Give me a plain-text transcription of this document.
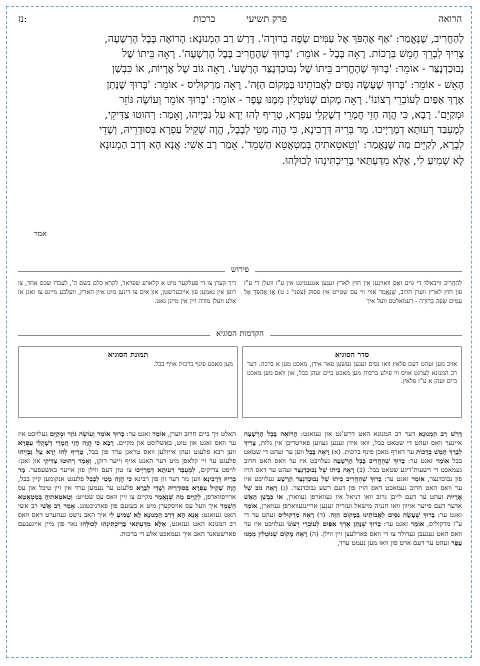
הרואה
פרק תשיעי ברכות
נז:

לְהַחֲרִיב, שֶׁנֶּאֱמַר: 'אַף אֶהְפֹּךְ אֶל עַמִּים שָׂפָה בְרוּרָה'. דָּרַשׁ רַב הַמְנוּנָא: הָרוֹאֶה בָּבֶל הָרְשָׁעָה,

צָרִיךְ לְבָרֵךְ חָמֵשׁ בְּרָכוֹת. רָאָה בָּבֶל - אוֹמֵר: 'בָּרוּךְ שֶׁהֶחֱרִיב בָּבֶל הָרְשָׁעָה'. רָאָה בֵּיתוֹ שֶׁל

נְבוּכַדְנֶצַּר - אוֹמֵר: 'בָּרוּךְ שֶׁהֶחֱרִיב בֵּיתוֹ שֶׁל נְבוּכַדְנֶצַּר הָרָשָׁע'. רָאָה גּוֹב שֶׁל אֲרָיוֹת, אוֹ כִּבְשַׁן

הָאֵשׁ - אוֹמֵר: 'בָּרוּךְ שֶׁעָשָׂה נִסִּים לַאֲבוֹתֵינוּ בַּמָּקוֹם הַזֶּה'. רָאָה מַרְקוּלִיס - אוֹמֵר: 'בָּרוּךְ שֶׁנָּתַן

אֶרֶךְ אַפַּיִם לְעוֹבְרֵי רְצוֹנוֹ'. רָאָה מָקוֹם שֶׁנּוֹטְלִין מִמֶּנּוּ עָפָר - אוֹמֵר: 'בָּרוּךְ אוֹמֵר וְעוֹשֶׂה גּוֹזֵר

וּמְקַיֵּם'. רָבָא, כִּי הֲוָה חָזֵי חֲמָרֵי דְשָׁקְלֵי עַפְרָא, טָרֵיף לְהוּ יְדָא עַל גַּבַּיְיהוּ, וְאָמַר: רְהוּטוּ צַדִּיקֵי,

לְמֶעְבַּד רְעוּתָא דְמָרַיְיכוּ. מָר בְּרֵיהּ דְּרָבִינָא, כִּי הֲוָה מָטֵי לְבָבֶל, הֲוָה שָׁקֵיל עַפְרָא בְּסוּדָרֵיהּ, וְשָׁדֵי

לְבָרָא, לְקַיֵּים מַה שֶּׁנֶּאֱמַר: 'וְטֵאטֵאתִיהָ בְּמַטְאֲטֵא הַשְׁמֵד'. אָמַר רַב אַשִׁי: אֲנָא הָא דְּרַב הַמְנוּנָא

לָא שְׁמִיעַ לִי, אֶלָּא מִדַּעְתַּאי בָּרֵיכְתִּינְהוּ לְכוּלְּהוּ.

אמר
פירוש
לְהַחֲרִיב וויבאלד די גוים זאָס וואוינען אין חוץ לארץ זענען אגגעטיגט אין ע"ז וועלן די ע"ז פון חוץ לארץ ווערן חרוב, שֶׁנֶּאֱמַר אזוי ווי עס שטייט אין פסוק (צפני' ג ט) אָז אֶהְפֹּךְ אֶל עַמִּים שָׂפָה בְרוּרָה - דעמאלטס וועל איך
דיך קערן צו די פעלקער מיט א קלארע שפראך, לקרא כלם בשם ה', לעבדו שכם אחד, צו רופן אין נאמען פון אייבערשטן, און אים צו דינען מיט איין הארץ, וועלכע מיינט צו זאגן אז אלע וועלן מודה זיין אין מיינן גאט.
הקדמות הסוגיא
סדר הסוגיא
אויב מען זעהט דעם פלאץ וואו נסים זענען געשען פאר אידן, מאכט מען א ברכה. דער רב המנונא לערנט אויס ווי פילע ברכות מען מאכט ביים זעהן בבל, און וואס מען מאכט ביים זעהן א ע"ז פלאץ.
תמונת הסוגיא
מען מאכט פינף ברכות אויף בבל.
דָּרַשׁ רַב הַמְנוּנָא דער רב המנונא האט דרש'נט און געזאגט: הָרוֹאֶה בָּבֶל הָרְשָׁעָה איינער וואס זעהט די שטאט בבל, וואו אידן זענען געווען פארטריבן אין גלות, צָרִיךְ לְבָרֵךְ חָמֵשׁ בְּרָכוֹת ער דארף מאכן פינף ברכות. (א) רָאָה בָּבֶל ווען ער זעהט די שטאט בבל אוֹמֵר זאגט ער: בָּרוּךְ שֶׁהֶחֱרִיב בָּבֶל הָרְשָׁעָה געלויבט איז ער וואס האט חרוב געמאכט די רשעות'דיגע שטאט בבל. (ב) רָאָה בֵּיתוֹ שֶׁל נְבוּכַדְנֶצַּר זעהט ער דאס הויז פון נבוכדנצר, אוֹמֵר זאגט ער: בָּרוּךְ שֶׁהֶחֱרִיב בֵּיתוֹ שֶׁל נְבוּכַדְנֶצַּר הָרָשָׁע געלויבט איז ער וואס האט חרוב געמאכט דאס הויז פון דעם רשע נבוכדנצר. (ג) רָאָה גּוֹב שֶׁל אֲרָיוֹת זעהט ער דעם לייבן גרוב וואו דניאל איז געווארפן געווארן, אוֹ כִּבְשַׁן הָאֵשׁ אדער דעם פייער אויוון וואו חנניה מישאל ועזריה זענען אריינגעווארפן געווארן, אוֹמֵר זאגט ער: בָּרוּךְ שֶׁעָשָׂה נִסִּים לַאֲבוֹתֵינוּ בַּמָּקוֹם הַזֶּה. (ד) רָאָה מַרְקוּלִיס זעהט ער די ע"ז מרקוליס, אוֹמֵר זאגט ער: בָּרוּךְ שֶׁנָּתַן אֶרֶךְ אַפַּיִם לְעוֹבְרֵי רְצוֹנוֹ געלויבט איז ער וואס האט געגעבן געדולד צו די וואס פארלעצן זיין ווילן. (ה) רָאָה מָקוֹם שֶׁנּוֹטְלִין מִמֶּנּוּ עָפָר זעהט ער דעם ארט פון וואו מען נעמט ערד,
האלט זיך ביים חרוב ווערן, אוֹמֵר זאגט ער: בָּרוּךְ אוֹמֵר וְעוֹשֶׂה גּוֹזֵר וּמְקַיֵּם געלויבט איז ער וואס זאגט און טוט, באשליסט און מקיים. רָבָא כִּי הֲוָה חָזֵי חֲמָרֵי דְשָׁקְלֵי עַפְרָא ווען רבא פלעגט זעהן אייזלען וואס טראגן ערד פון בבל, טָרֵיף לְהוּ יְדָא עַל גַּבַּיְיהוּ פלעגט ער זיי קלאפן מיט דער האנט אויף זייער רוקן, וְאָמַר רְהוּטוּ צַדִּיקֵי און זאגן: לויפט צדיקים, לְמֶעְבַּד רְעוּתָא דְמָרַיְיכוּ צו טון דעם ווילן פון אייער באשעפער. מָר בְּרֵיהּ דְּרָבִינָא ווען מר דער זון פון רבינא כִּי הֲוָה מָטֵי לְבָבֶל פלעגט אנקומען קיין בבל, הֲוָה שָׁקֵיל עַפְרָא בְּסוּדָרֵיהּ וְשָׁדֵי לְבָרָא פלעגט ער נעמען ערד אין זיין טיכל און עס ארויסווארפן, לְקַיֵּים מַה שֶּׁנֶּאֱמַר מקיים צו זיין וואס עס שטייט: וְטֵאטֵאתִיהָ בְּמַטְאֲטֵא הַשְׁמֵד איך וועל עס אויסקערן מיט א בעזעם פון פארניכטונג. אָמַר רַב אַשִׁי רב אשי האט געזאגט: אֲנָא הָא דְּרַב הַמְנוּנָא לָא שְׁמִיעַ לִי איך האב נישט געהערט דאס וואס רב המנונא האט געזאגט, אֶלָּא מִדַּעְתַּאי בָּרֵיכְתִּינְהוּ לְכוּלְּהוּ נאר פון מיין אייגענעם פארשטאנד האב איך געמאכט אלע די ברכות.
